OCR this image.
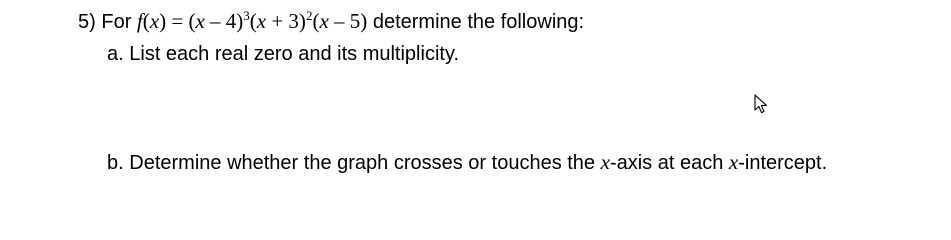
5) For $f(x) = (x - 4)^3(x + 3)^2(x - 5)$ determine the following:
a. List each real zero and its multiplicity.
b. Determine whether the graph crosses or touches the x-axis at each x-intercept.
